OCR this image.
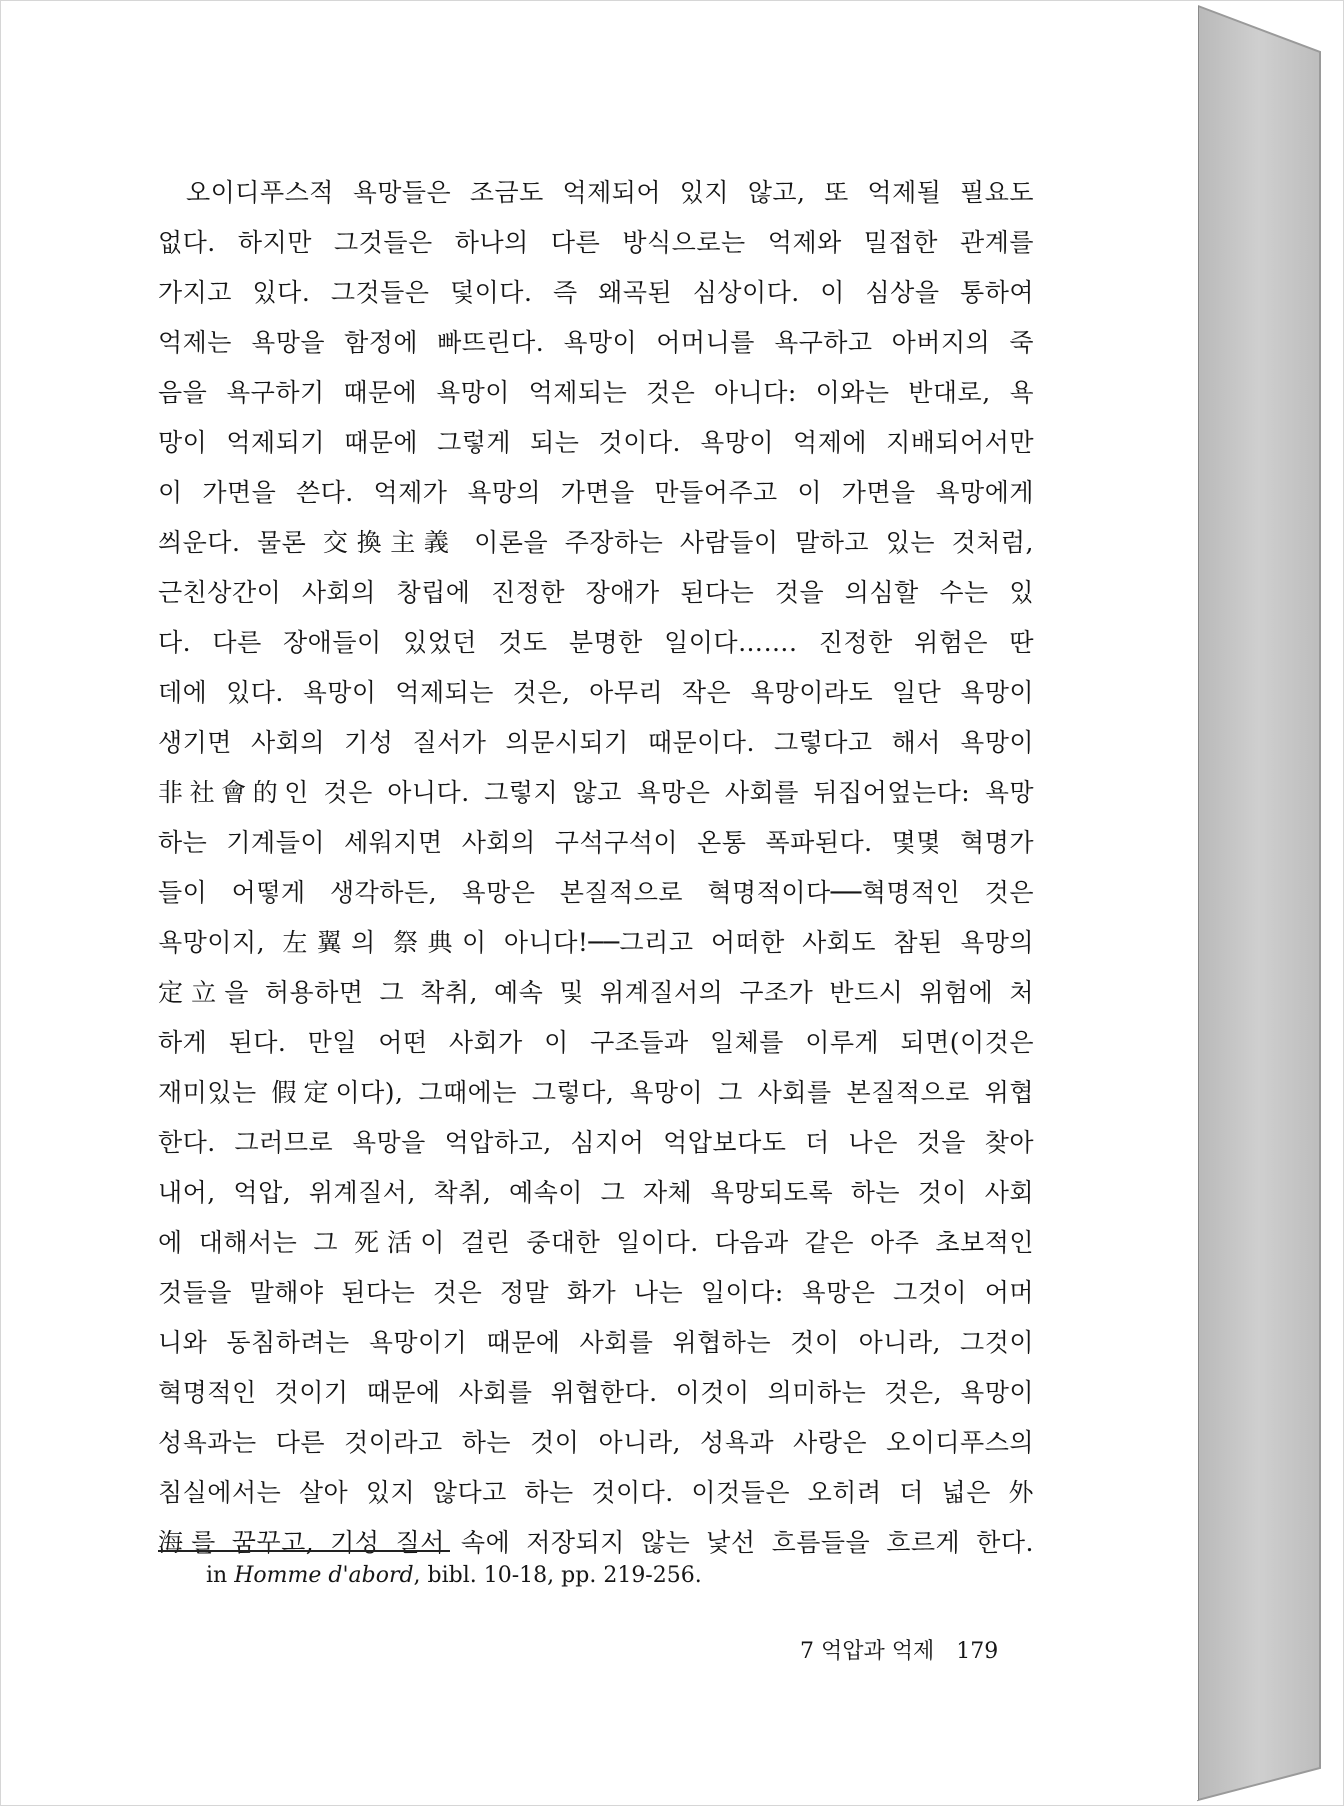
오이디푸스적 욕망들은 조금도 억제되어 있지 않고, 또 억제될 필요도
없다. 하지만 그것들은 하나의 다른 방식으로는 억제와 밀접한 관계를
가지고 있다. 그것들은 덫이다. 즉 왜곡된 심상이다. 이 심상을 통하여
억제는 욕망을 함정에 빠뜨린다. 욕망이 어머니를 욕구하고 아버지의 죽
음을 욕구하기 때문에 욕망이 억제되는 것은 아니다: 이와는 반대로, 욕
망이 억제되기 때문에 그렇게 되는 것이다. 욕망이 억제에 지배되어서만
이 가면을 쓴다. 억제가 욕망의 가면을 만들어주고 이 가면을 욕망에게
씌운다. 물론 交換主義 이론을 주장하는 사람들이 말하고 있는 것처럼,
근친상간이 사회의 창립에 진정한 장애가 된다는 것을 의심할 수는 있
다. 다른 장애들이 있었던 것도 분명한 일이다……. 진정한 위험은 딴
데에 있다. 욕망이 억제되는 것은, 아무리 작은 욕망이라도 일단 욕망이
생기면 사회의 기성 질서가 의문시되기 때문이다. 그렇다고 해서 욕망이
非社會的인 것은 아니다. 그렇지 않고 욕망은 사회를 뒤집어엎는다: 욕망
하는 기계들이 세워지면 사회의 구석구석이 온통 폭파된다. 몇몇 혁명가
들이 어떻게 생각하든, 욕망은 본질적으로 혁명적이다──혁명적인 것은
욕망이지, 左翼의 祭典이 아니다!──그리고 어떠한 사회도 참된 욕망의
定立을 허용하면 그 착취, 예속 및 위계질서의 구조가 반드시 위험에 처
하게 된다. 만일 어떤 사회가 이 구조들과 일체를 이루게 되면(이것은
재미있는 假定이다), 그때에는 그렇다, 욕망이 그 사회를 본질적으로 위협
한다. 그러므로 욕망을 억압하고, 심지어 억압보다도 더 나은 것을 찾아
내어, 억압, 위계질서, 착취, 예속이 그 자체 욕망되도록 하는 것이 사회
에 대해서는 그 死活이 걸린 중대한 일이다. 다음과 같은 아주 초보적인
것들을 말해야 된다는 것은 정말 화가 나는 일이다: 욕망은 그것이 어머
니와 동침하려는 욕망이기 때문에 사회를 위협하는 것이 아니라, 그것이
혁명적인 것이기 때문에 사회를 위협한다. 이것이 의미하는 것은, 욕망이
성욕과는 다른 것이라고 하는 것이 아니라, 성욕과 사랑은 오이디푸스의
침실에서는 살아 있지 않다고 하는 것이다. 이것들은 오히려 더 넓은 外
海를 꿈꾸고, 기성 질서 속에 저장되지 않는 낯선 흐름들을 흐르게 한다.
in Homme d'abord, bibl. 10-18, pp. 219-256.
7 억압과 억제 179
